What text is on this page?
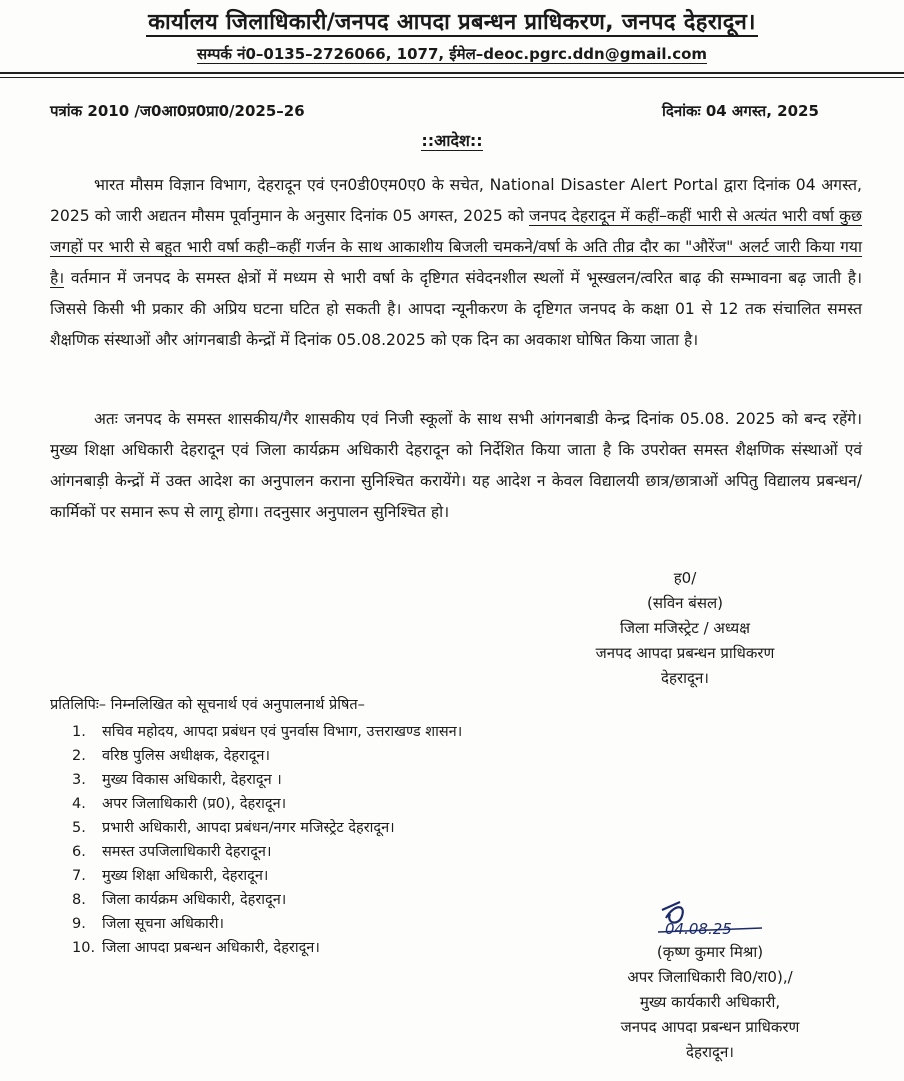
कार्यालय जिलाधिकारी/जनपद आपदा प्रबन्धन प्राधिकरण, जनपद देहरादून।
सम्पर्क नं0–0135–2726066, 1077, ईमेल–deoc.pgrc.ddn@gmail.com
पत्रांक 2010 /ज0आ0प्र0प्रा0/2025–26	दिनांकः 04 अगस्त, 2025
::आदेश::
भारत मौसम विज्ञान विभाग, देहरादून एवं एन0डी0एम0ए0 के सचेत, National Disaster Alert Portal द्वारा दिनांक 04 अगस्त, 2025 को जारी अद्यतन मौसम पूर्वानुमान के अनुसार दिनांक 05 अगस्त, 2025 को जनपद देहरादून में कहीं–कहीं भारी से अत्यंत भारी वर्षा कुछ जगहों पर भारी से बहुत भारी वर्षा कही–कहीं गर्जन के साथ आकाशीय बिजली चमकने/वर्षा के अति तीव्र दौर का "औरेंज" अलर्ट जारी किया गया है। वर्तमान में जनपद के समस्त क्षेत्रों में मध्यम से भारी वर्षा के दृष्टिगत संवेदनशील स्थलों में भूस्खलन/त्वरित बाढ़ की सम्भावना बढ़ जाती है। जिससे किसी भी प्रकार की अप्रिय घटना घटित हो सकती है। आपदा न्यूनीकरण के दृष्टिगत जनपद के कक्षा 01 से 12 तक संचालित समस्त शैक्षणिक संस्थाओं और आंगनबाडी केन्द्रों में दिनांक 05.08.2025 को एक दिन का अवकाश घोषित किया जाता है।
अतः जनपद के समस्त शासकीय/गैर शासकीय एवं निजी स्कूलों के साथ सभी आंगनबाडी केन्द्र दिनांक 05.08. 2025 को बन्द रहेंगे। मुख्य शिक्षा अधिकारी देहरादून एवं जिला कार्यक्रम अधिकारी देहरादून को निर्देशित किया जाता है कि उपरोक्त समस्त शैक्षणिक संस्थाओं एवं आंगनबाड़ी केन्द्रों में उक्त आदेश का अनुपालन कराना सुनिश्चित करायेंगे। यह आदेश न केवल विद्यालयी छात्र/छात्राओं अपितु विद्यालय प्रबन्धन/कार्मिकों पर समान रूप से लागू होगा। तदनुसार अनुपालन सुनिश्चित हो।
ह0/
(सविन बंसल)
जिला मजिस्ट्रेट / अध्यक्ष
जनपद आपदा प्रबन्धन प्राधिकरण
देहरादून।
प्रतिलिपिः– निम्नलिखित को सूचनार्थ एवं अनुपालनार्थ प्रेषित–
1. सचिव महोदय, आपदा प्रबंधन एवं पुनर्वास विभाग, उत्तराखण्ड शासन।
2. वरिष्ठ पुलिस अधीक्षक, देहरादून।
3. मुख्य विकास अधिकारी, देहरादून ।
4. अपर जिलाधिकारी (प्र0), देहरादून।
5. प्रभारी अधिकारी, आपदा प्रबंधन/नगर मजिस्ट्रेट देहरादून।
6. समस्त उपजिलाधिकारी देहरादून।
7. मुख्य शिक्षा अधिकारी, देहरादून।
8. जिला कार्यक्रम अधिकारी, देहरादून।
9. जिला सूचना अधिकारी।
10. जिला आपदा प्रबन्धन अधिकारी, देहरादून।
04.08.25
(कृष्ण कुमार मिश्रा)
अपर जिलाधिकारी वि0/रा0),/
मुख्य कार्यकारी अधिकारी,
जनपद आपदा प्रबन्धन प्राधिकरण
देहरादून।
